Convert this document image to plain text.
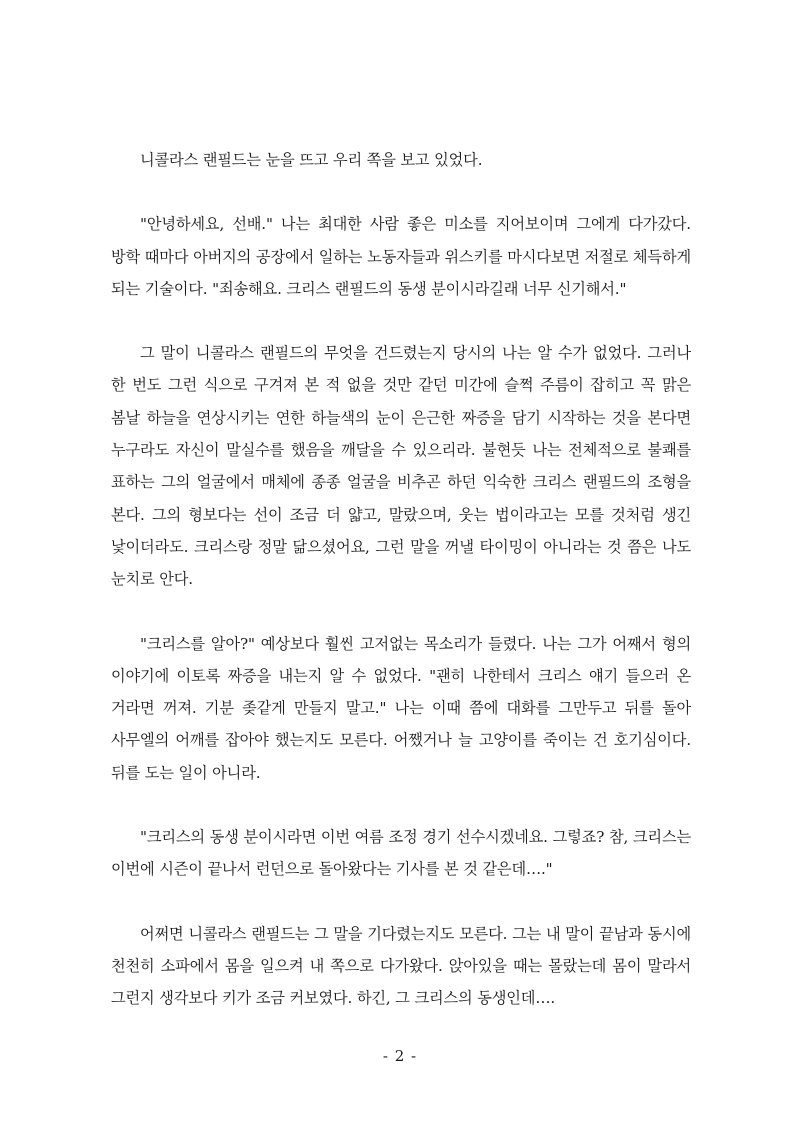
니콜라스 랜필드는 눈을 뜨고 우리 쪽을 보고 있었다.

"안녕하세요, 선배." 나는 최대한 사람 좋은 미소를 지어보이며 그에게 다가갔다. 방학 때마다 아버지의 공장에서 일하는 노동자들과 위스키를 마시다보면 저절로 체득하게 되는 기술이다. "죄송해요. 크리스 랜필드의 동생 분이시라길래 너무 신기해서."

그 말이 니콜라스 랜필드의 무엇을 건드렸는지 당시의 나는 알 수가 없었다. 그러나 한 번도 그런 식으로 구겨져 본 적 없을 것만 같던 미간에 슬쩍 주름이 잡히고 꼭 맑은 봄날 하늘을 연상시키는 연한 하늘색의 눈이 은근한 짜증을 담기 시작하는 것을 본다면 누구라도 자신이 말실수를 했음을 깨달을 수 있으리라. 불현듯 나는 전체적으로 불쾌를 표하는 그의 얼굴에서 매체에 종종 얼굴을 비추곤 하던 익숙한 크리스 랜필드의 조형을 본다. 그의 형보다는 선이 조금 더 얇고, 말랐으며, 웃는 법이라고는 모를 것처럼 생긴 낯이더라도. 크리스랑 정말 닮으셨어요, 그런 말을 꺼낼 타이밍이 아니라는 것 쯤은 나도 눈치로 안다.

"크리스를 알아?" 예상보다 훨씬 고저없는 목소리가 들렸다. 나는 그가 어째서 형의 이야기에 이토록 짜증을 내는지 알 수 없었다. "괜히 나한테서 크리스 얘기 들으러 온 거라면 꺼져. 기분 좆같게 만들지 말고." 나는 이때 쯤에 대화를 그만두고 뒤를 돌아 사무엘의 어깨를 잡아야 했는지도 모른다. 어쨌거나 늘 고양이를 죽이는 건 호기심이다. 뒤를 도는 일이 아니라.

"크리스의 동생 분이시라면 이번 여름 조정 경기 선수시겠네요. 그렇죠? 참, 크리스는 이번에 시즌이 끝나서 런던으로 돌아왔다는 기사를 본 것 같은데…."

어쩌면 니콜라스 랜필드는 그 말을 기다렸는지도 모른다. 그는 내 말이 끝남과 동시에 천천히 소파에서 몸을 일으켜 내 쪽으로 다가왔다. 앉아있을 때는 몰랐는데 몸이 말라서 그런지 생각보다 키가 조금 커보였다. 하긴, 그 크리스의 동생인데….

- 2 -
